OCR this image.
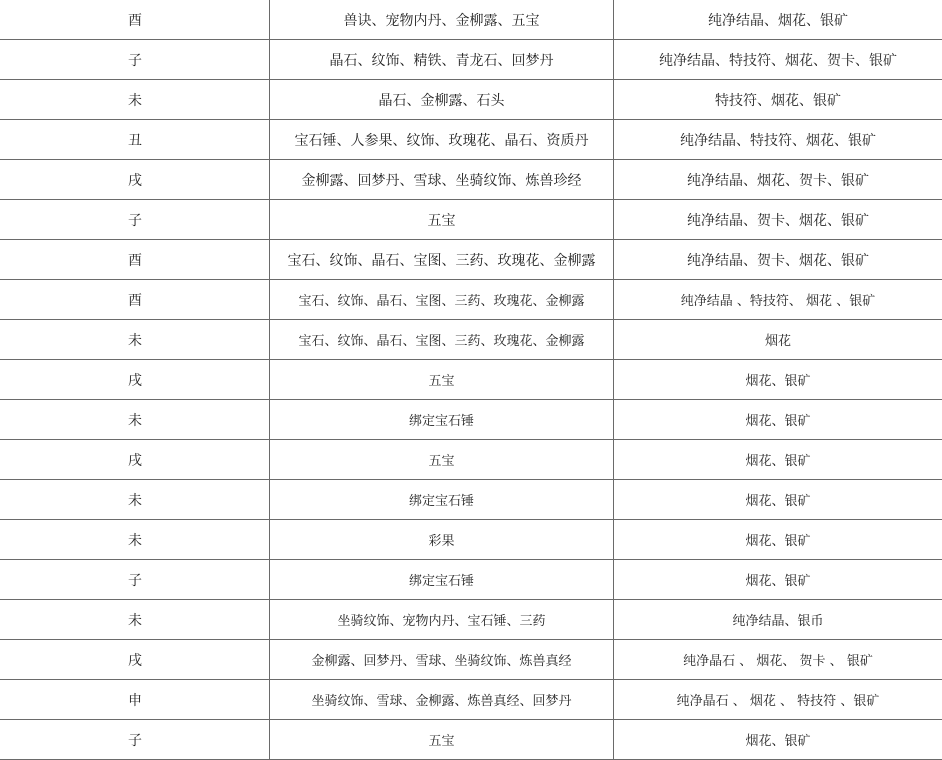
酉	兽诀、宠物内丹、金柳露、五宝	纯净结晶、烟花、银矿
子	晶石、纹饰、精铁、青龙石、回梦丹	纯净结晶、特技符、烟花、贺卡、银矿
未	晶石、金柳露、石头	特技符、烟花、银矿
丑	宝石锤、人参果、纹饰、玫瑰花、晶石、资质丹	纯净结晶、特技符、烟花、银矿
戌	金柳露、回梦丹、雪球、坐骑纹饰、炼兽珍经	纯净结晶、烟花、贺卡、银矿
子	五宝	纯净结晶、贺卡、烟花、银矿
酉	宝石、纹饰、晶石、宝图、三药、玫瑰花、金柳露	纯净结晶、贺卡、烟花、银矿
酉	宝石、纹饰、晶石、宝图、三药、玫瑰花、金柳露	纯净结晶 、特技符、 烟花 、银矿
未	宝石、纹饰、晶石、宝图、三药、玫瑰花、金柳露	烟花
戌	五宝	烟花、银矿
未	绑定宝石锤	烟花、银矿
戌	五宝	烟花、银矿
未	绑定宝石锤	烟花、银矿
未	彩果	烟花、银矿
子	绑定宝石锤	烟花、银矿
未	坐骑纹饰、宠物内丹、宝石锤、三药	纯净结晶、银币
戌	金柳露、回梦丹、雪球、坐骑纹饰、炼兽真经	纯净晶石 、 烟花、 贺卡 、 银矿
申	坐骑纹饰、雪球、金柳露、炼兽真经、回梦丹	纯净晶石 、 烟花 、 特技符 、银矿
子	五宝	烟花、银矿
